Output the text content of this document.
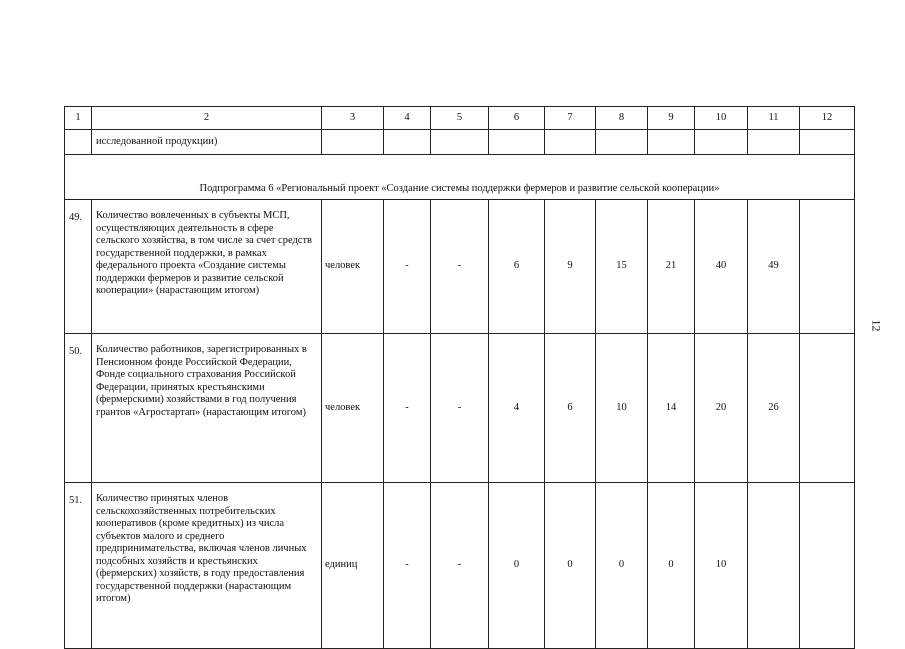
1	2	3	4	5	6	7	8	9	10	11	12
	исследованной продукции)										
Подпрограмма 6 «Региональный проект «Создание системы поддержки фермеров и развитие сельской кооперации»											
49.	Количество вовлеченных в субъекты МСП, осуществляющих деятельность в сфере сельского хозяйства, в том числе за счет средств государственной поддержки, в рамках федерального проекта «Создание системы поддержки фермеров и развитие сельской кооперации» (нарастающим итогом)	человек	-	-	6	9	15	21	40	49	
50.	Количество работников, зарегистрированных в Пенсионном фонде Российской Федерации, Фонде социального страхования Российской Федерации, принятых крестьянскими (фермерскими) хозяйствами в год получения грантов «Агростартап» (нарастающим итогом)	человек	-	-	4	6	10	14	20	26	
51.	Количество принятых членов сельскохозяйственных потребительских кооперативов (кроме кредитных) из числа субъектов малого и среднего предпринимательства, включая членов личных подсобных хозяйств и крестьянских (фермерских) хозяйств, в году предоставления государственной поддержки (нарастающим итогом)	единиц	-	-	0	0	0	0	10		
12
